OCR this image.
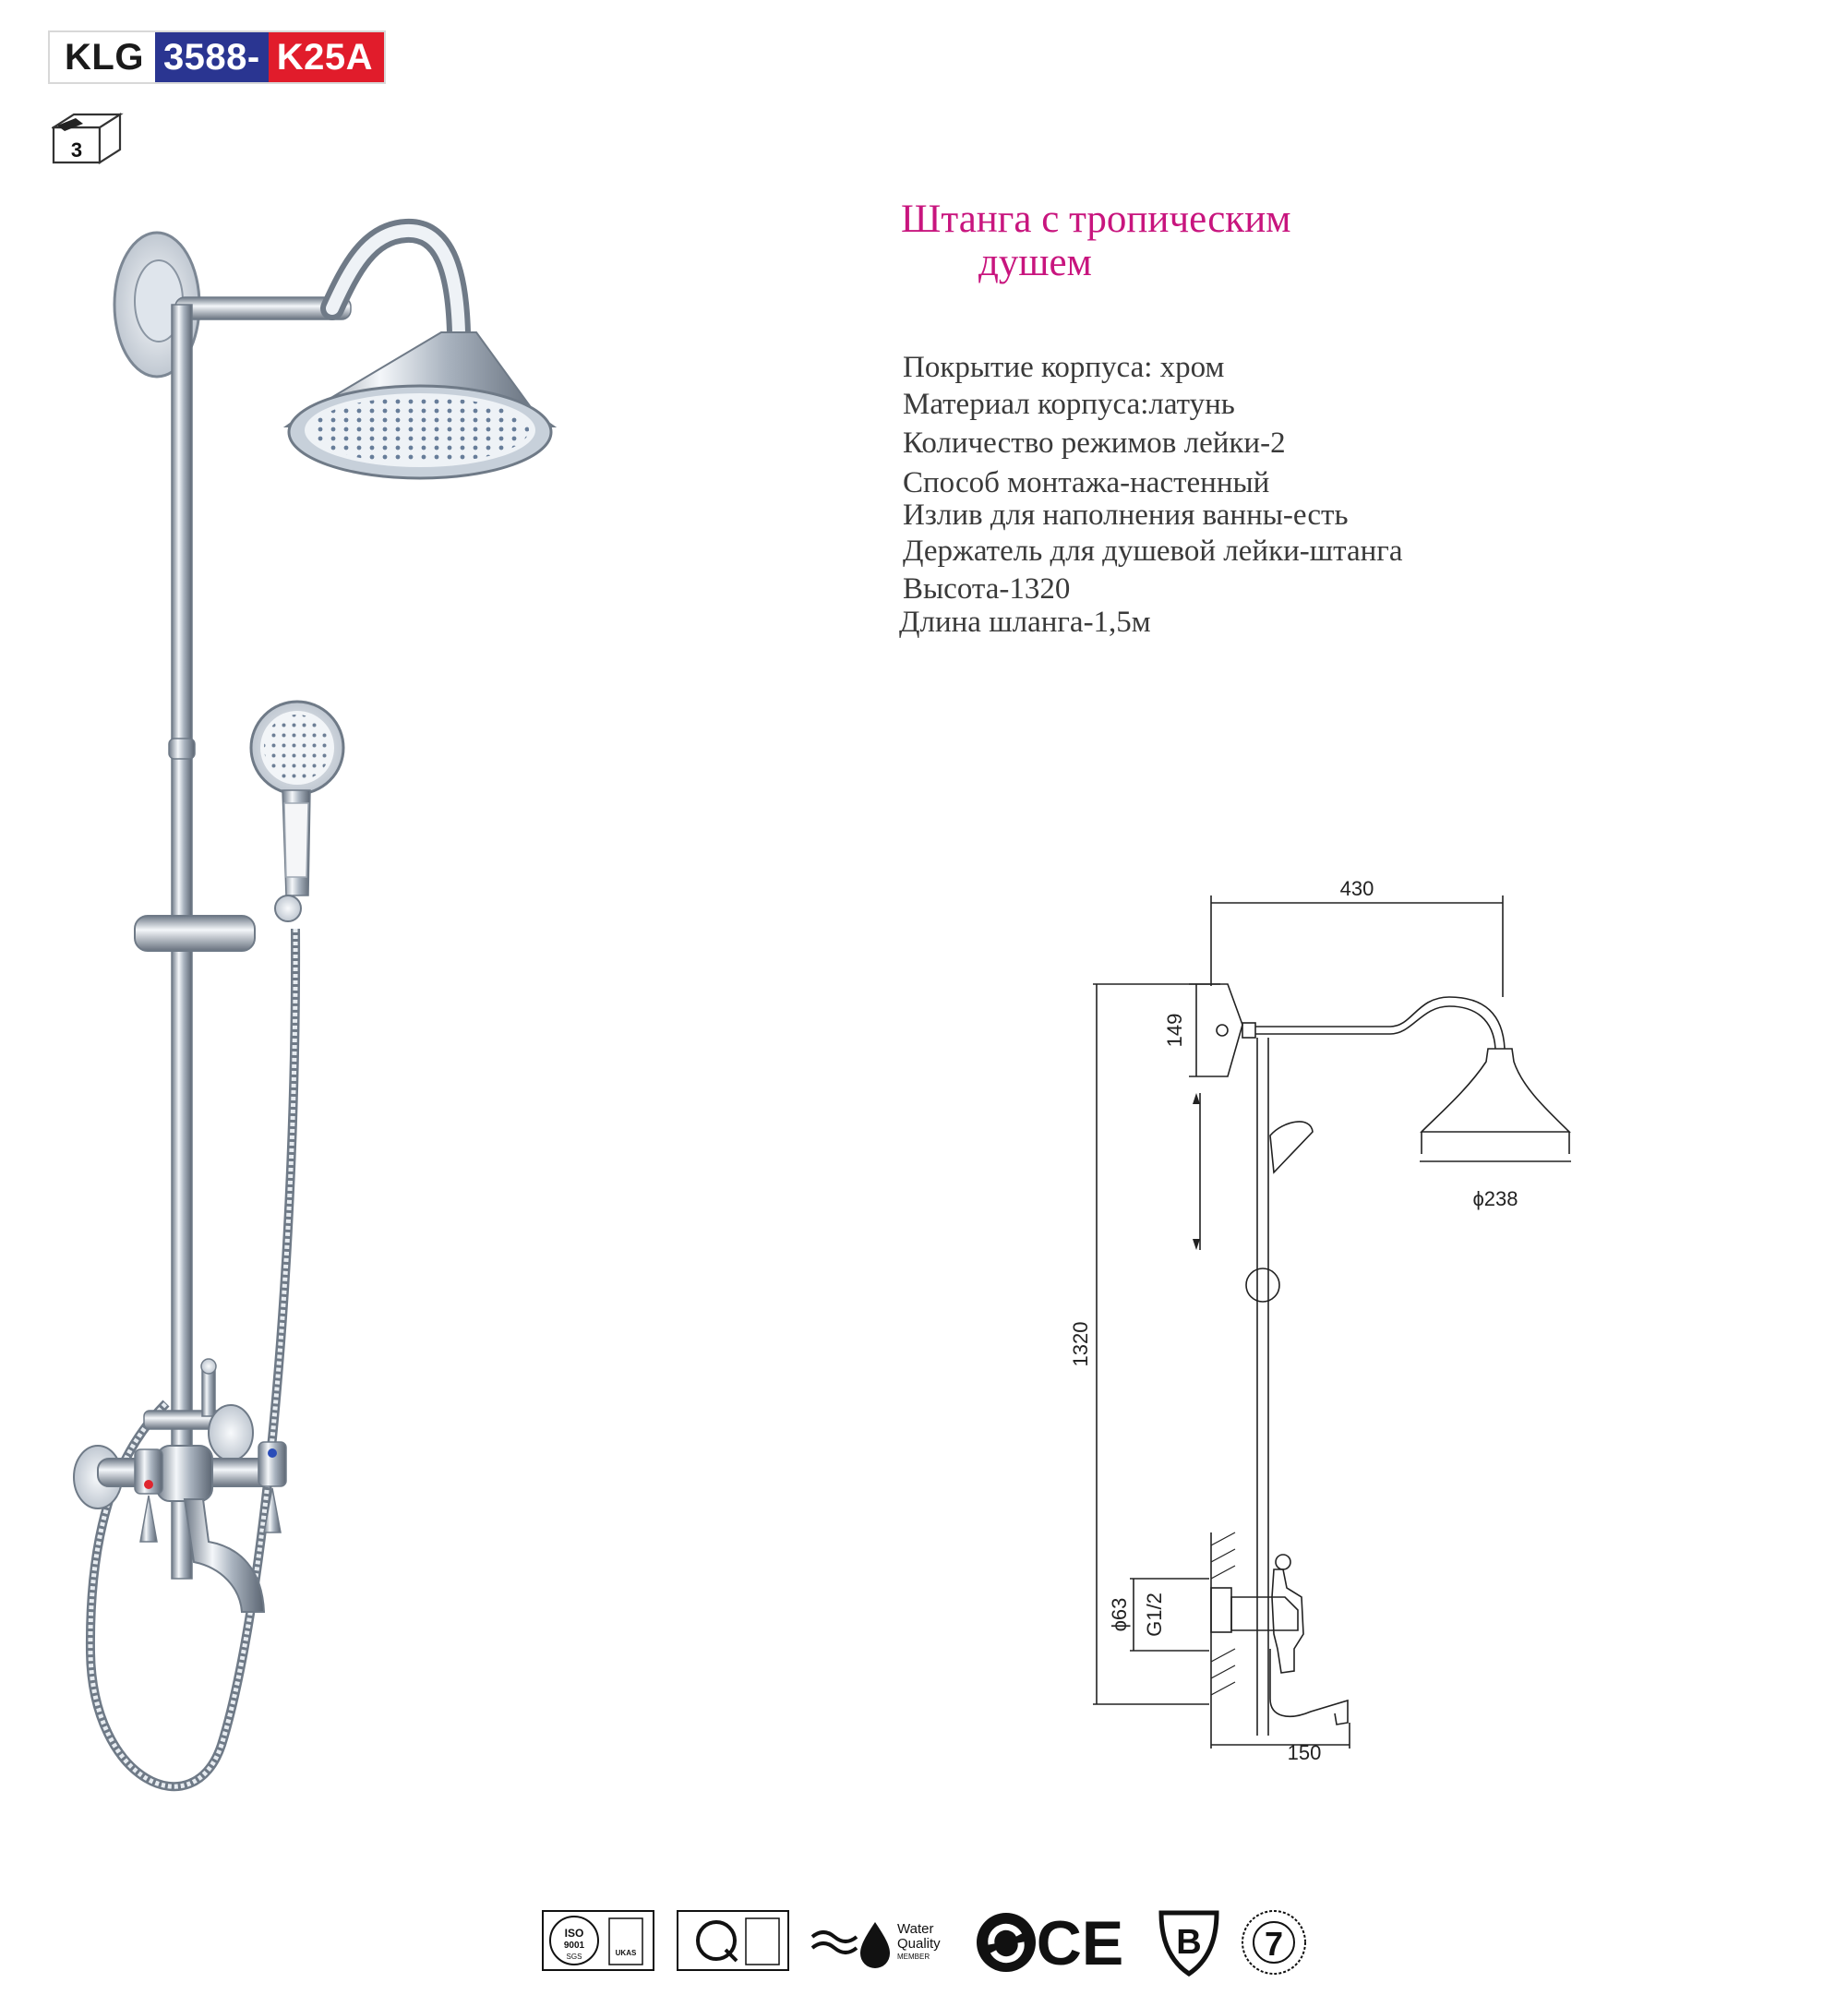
KLG 3588- K25A
3
Штанга с тропическим
душем
Покрытие корпуса: хром
Материал корпуса:латунь
Количество режимов лейки-2
Способ монтажа-настенный
Излив для наполнения ванны-есть
Держатель для душевой лейки-штанга
Высота-1320
Длина шланга-1,5м
430
149
ϕ238
1320
ϕ63 G1/2
150
ISO
9001
SGS	UKAS
Water
Quality
MEMBER CE B 7
